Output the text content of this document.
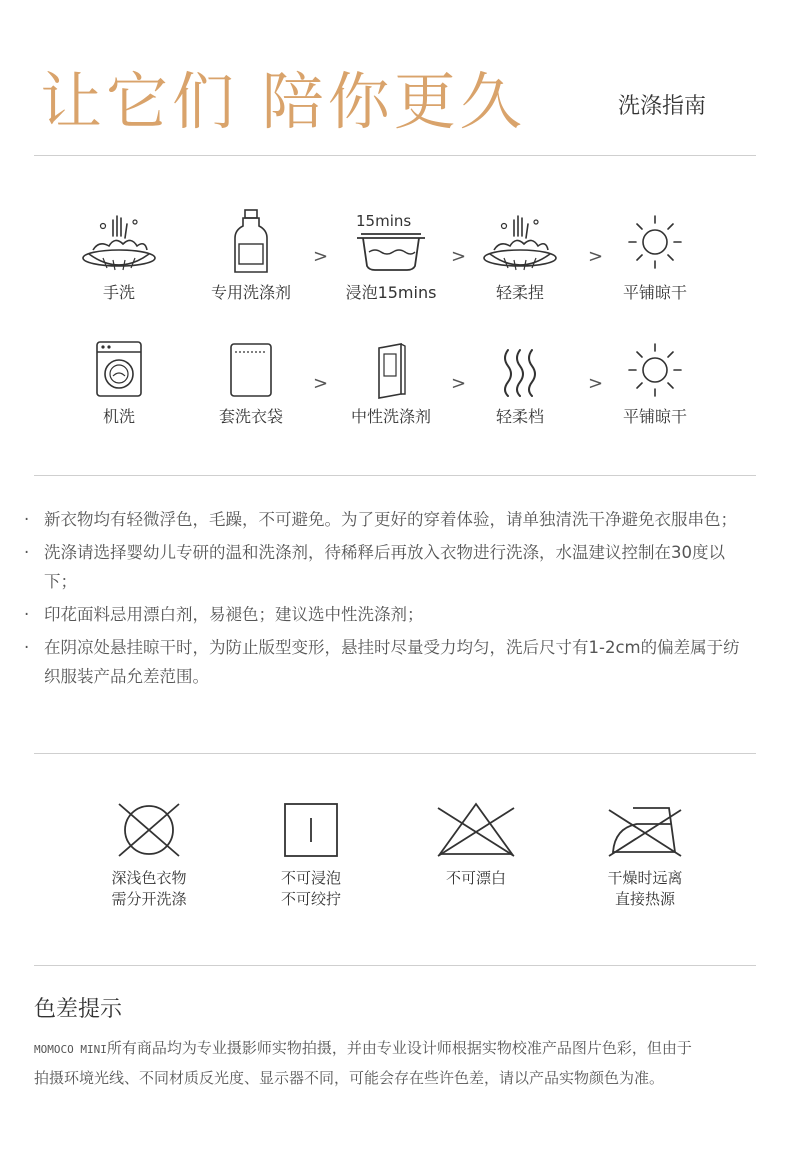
让它们 陪你更久	洗涤指南
手洗	专用洗涤剂
>
15mins
浸泡15mins
>
轻柔捏
>
平铺晾干
机洗	套洗衣袋
>
中性洗涤剂
>
轻柔档
>
平铺晾干
· 新衣物均有轻微浮色，毛躁，不可避免。为了更好的穿着体验，请单独清洗干净避免衣服串色；
· 洗涤请选择婴幼儿专研的温和洗涤剂，待稀释后再放入衣物进行洗涤，水温建议控制在30度以下；
· 印花面料忌用漂白剂，易褪色；建议选中性洗涤剂；
· 在阴凉处悬挂晾干时，为防止版型变形，悬挂时尽量受力均匀，洗后尺寸有1-2cm的偏差属于纺织服装产品允差范围。
深浅色衣物
需分开洗涤
不可浸泡
不可绞拧
不可漂白	干燥时远离
直接热源
色差提示
MOMOCO MINI所有商品均为专业摄影师实物拍摄，并由专业设计师根据实物校准产品图片色彩，但由于拍摄环境光线、不同材质反光度、显示器不同，可能会存在些许色差，请以产品实物颜色为准。
